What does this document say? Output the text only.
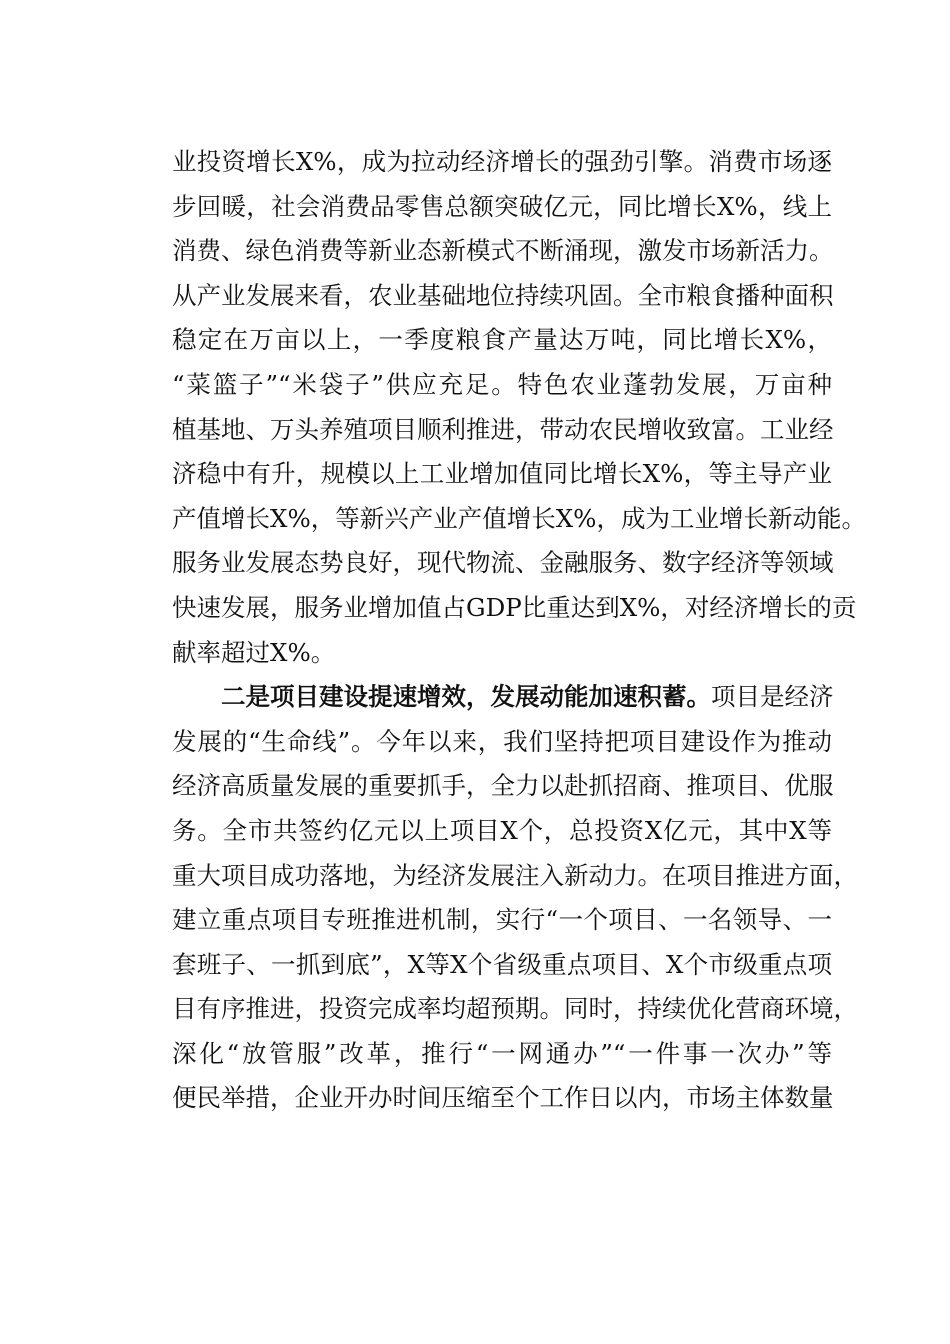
业投资增长X%，成为拉动经济增长的强劲引擎。消费市场逐
步回暖，社会消费品零售总额突破亿元，同比增长X%，线上
消费、绿色消费等新业态新模式不断涌现，激发市场新活力。
从产业发展来看，农业基础地位持续巩固。全市粮食播种面积
稳定在万亩以上，一季度粮食产量达万吨，同比增长X%，
“菜篮子”“米袋子”供应充足。特色农业蓬勃发展，万亩种
植基地、万头养殖项目顺利推进，带动农民增收致富。工业经
济稳中有升，规模以上工业增加值同比增长X%，等主导产业
产值增长X%，等新兴产业产值增长X%，成为工业增长新动能。
服务业发展态势良好，现代物流、金融服务、数字经济等领域
快速发展，服务业增加值占GDP比重达到X%，对经济增长的贡
献率超过X%。
二是项目建设提速增效，发展动能加速积蓄。项目是经济
发展的“生命线”。今年以来，我们坚持把项目建设作为推动
经济高质量发展的重要抓手，全力以赴抓招商、推项目、优服
务。全市共签约亿元以上项目X个，总投资X亿元，其中X等
重大项目成功落地，为经济发展注入新动力。在项目推进方面，
建立重点项目专班推进机制，实行“一个项目、一名领导、一
套班子、一抓到底”，X等X个省级重点项目、X个市级重点项
目有序推进，投资完成率均超预期。同时，持续优化营商环境，
深化“放管服”改革，推行“一网通办”“一件事一次办”等
便民举措，企业开办时间压缩至个工作日以内，市场主体数量
